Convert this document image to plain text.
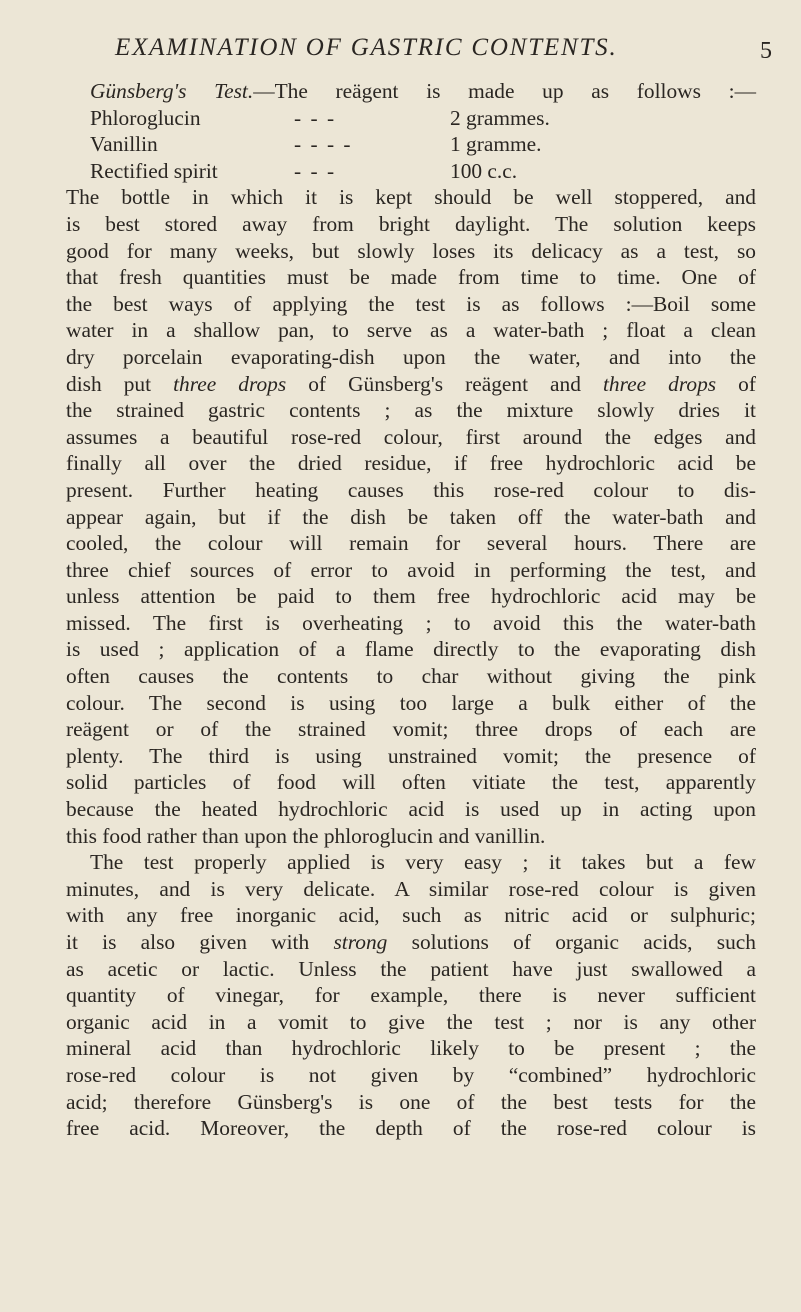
EXAMINATION OF GASTRIC CONTENTS.	5
Günsberg's Test.—The reägent is made up as follows :—
Phloroglucin	- - -	2 grammes.
Vanillin	- - - -	1 gramme.
Rectified spirit	- - -	100 c.c.
The bottle in which it is kept should be well stoppered, and
is best stored away from bright daylight. The solution keeps
good for many weeks, but slowly loses its delicacy as a test, so
that fresh quantities must be made from time to time. One of
the best ways of applying the test is as follows :—Boil some
water in a shallow pan, to serve as a water-bath ; float a clean
dry porcelain evaporating-dish upon the water, and into the
dish put three drops of Günsberg's reägent and three drops of
the strained gastric contents ; as the mixture slowly dries it
assumes a beautiful rose-red colour, first around the edges and
finally all over the dried residue, if free hydrochloric acid be
present. Further heating causes this rose-red colour to dis-
appear again, but if the dish be taken off the water-bath and
cooled, the colour will remain for several hours. There are
three chief sources of error to avoid in performing the test, and
unless attention be paid to them free hydrochloric acid may be
missed. The first is overheating ; to avoid this the water-bath
is used ; application of a flame directly to the evaporating dish
often causes the contents to char without giving the pink
colour. The second is using too large a bulk either of the
reägent or of the strained vomit; three drops of each are
plenty. The third is using unstrained vomit; the presence of
solid particles of food will often vitiate the test, apparently
because the heated hydrochloric acid is used up in acting upon
this food rather than upon the phloroglucin and vanillin.
The test properly applied is very easy ; it takes but a few
minutes, and is very delicate. A similar rose-red colour is given
with any free inorganic acid, such as nitric acid or sulphuric;
it is also given with strong solutions of organic acids, such
as acetic or lactic. Unless the patient have just swallowed a
quantity of vinegar, for example, there is never sufficient
organic acid in a vomit to give the test ; nor is any other
mineral acid than hydrochloric likely to be present ; the
rose-red colour is not given by “combined” hydrochloric
acid; therefore Günsberg's is one of the best tests for the
free acid. Moreover, the depth of the rose-red colour is
